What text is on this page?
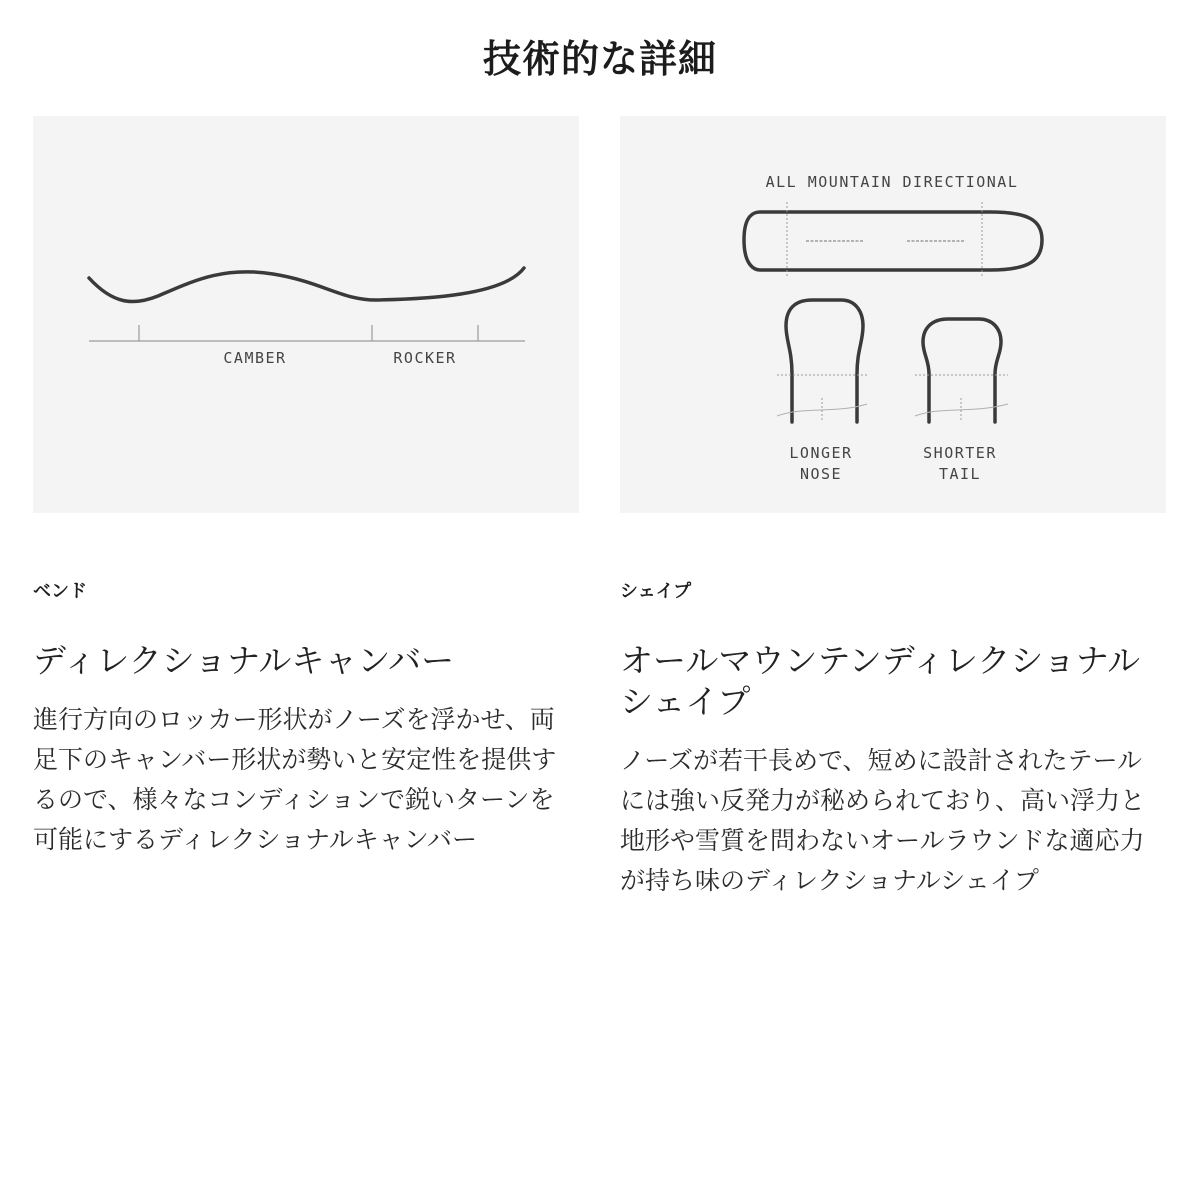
技術的な詳細
CAMBER	ROCKER
ALL MOUNTAIN DIRECTIONAL
LONGER
NOSE
SHORTER
TAIL
ベンド
ディレクショナルキャンバー
進行方向のロッカー形状がノーズを浮かせ、両足下のキャンバー形状が勢いと安定性を提供するので、様々なコンディションで鋭いターンを可能にするディレクショナルキャンバー
シェイプ
オールマウンテンディレクショナルシェイプ
ノーズが若干長めで、短めに設計されたテールには強い反発力が秘められており、高い浮力と地形や雪質を問わないオールラウンドな適応力が持ち味のディレクショナルシェイプ
